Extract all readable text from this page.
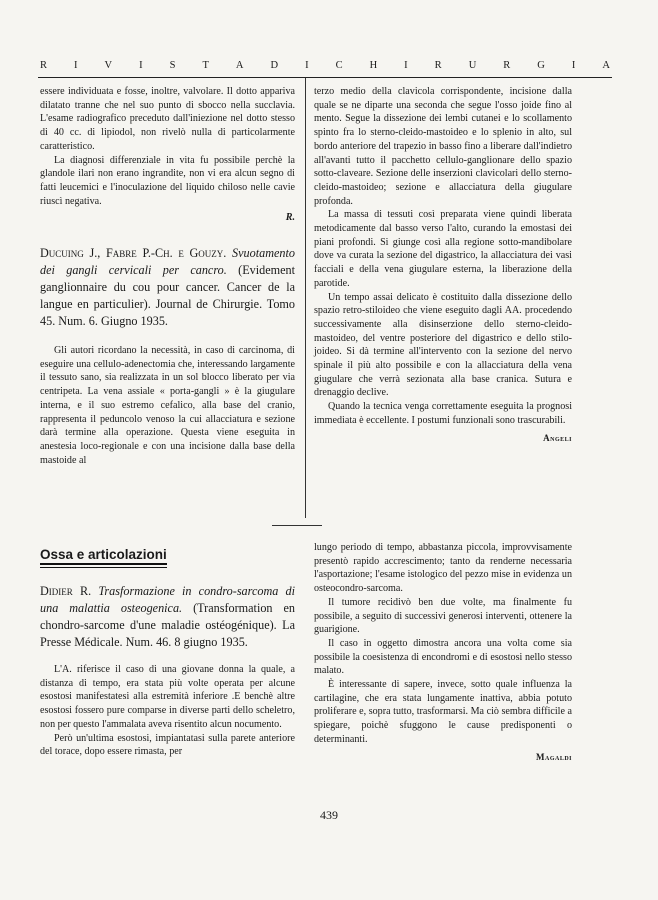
R	I	V	I	S	T	A	D	I	C	H	I	R	U	R	G	I	A

essere individuata e fosse, inoltre, valvolare. Il dotto appariva dilatato tranne che nel suo punto di sbocco nella succlavia. L'esame radiografico preceduto dall'iniezione nel dotto stesso di 40 cc. di lipiodol, non rivelò nulla di particolarmente caratteristico.

La diagnosi differenziale in vita fu possibile perchè la glandole ilari non erano ingrandite, non vi era alcun segno di fatti leucemici e l'inoculazione del liquido chiloso nelle cavie riuscì negativa.

R.
Ducuing J., Fabre P.-Ch. e Gouzy. Svuotamento dei gangli cervicali per cancro. (Evidement ganglionnaire du cou pour cancer. Cancer de la langue en particulier). Journal de Chirurgie. Tomo 45. Num. 6. Giugno 1935.

Gli autori ricordano la necessità, in caso di carcinoma, di eseguire una cellulo-adenectomia che, interessando largamente il tessuto sano, sia realizzata in un sol blocco liberato per via centripeta. La vena assiale « porta-gangli » è la giugulare interna, e il suo estremo cefalico, alla base del cranio, rappresenta il peduncolo venoso la cui allacciatura e sezione darà termine alla operazione. Questa viene eseguita in anestesia loco-regionale e con una incisione dalla base della mastoide al

terzo medio della clavicola corrispondente, incisione dalla quale se ne diparte una seconda che segue l'osso joide fino al mento. Segue la dissezione dei lembi cutanei e lo scollamento spinto fra lo sterno-cleido-mastoideo e lo splenio in alto, sul bordo anteriore del trapezio in basso fino a liberare dall'indietro all'avanti tutto il pacchetto cellulo-ganglionare dello spazio sotto-claveare. Sezione delle inserzioni clavicolari dello sterno-cleido-mastoideo; sezione e allacciatura della giugulare profonda.

La massa di tessuti così preparata viene quindi liberata metodicamente dal basso verso l'alto, curando la emostasi dei piani profondi. Si giunge così alla regione sotto-mandibolare dove va curata la sezione del digastrico, la allacciatura dei vasi facciali e della vena giugulare esterna, la liberazione della parotide.

Un tempo assai delicato è costituito dalla dissezione dello spazio retro-stiloideo che viene eseguito dagli AA. procedendo successivamente alla disinserzione dello sterno-cleido-mastoideo, del ventre posteriore del digastrico e dello stilo-joideo. Si dà termine all'intervento con la sezione del nervo spinale il più alto possibile e con la allacciatura della vena giugulare che verrà sezionata alla base cranica. Sutura e drenaggio declive.

Quando la tecnica venga correttamente eseguita la prognosi immediata è eccellente. I postumi funzionali sono trascurabili.

Angeli
Ossa e articolazioni
Didier R. Trasformazione in condro-sarcoma di una malattia osteogenica. (Transformation en chondro-sarcome d'une maladie ostéogénique). La Presse Médicale. Num. 46. 8 giugno 1935.

L'A. riferisce il caso di una giovane donna la quale, a distanza di tempo, era stata più volte operata per alcune esostosi manifestatesi alla estremità inferiore .E benchè altre esostosi fossero pure comparse in diverse parti dello scheletro, non per questo l'ammalata aveva risentito alcun nocumento.

Però un'ultima esostosi, impiantatasi sulla parete anteriore del torace, dopo essere rimasta, per

lungo periodo di tempo, abbastanza piccola, improvvisamente presentò rapido accrescimento; tanto da renderne necessaria l'asportazione; l'esame istologico del pezzo mise in evidenza un osteocondro-sarcoma.

Il tumore recidivò ben due volte, ma finalmente fu possibile, a seguito di successivi generosi interventi, ottenere la guarigione.

Il caso in oggetto dimostra ancora una volta come sia possibile la coesistenza di encondromi e di esostosi nello stesso malato.

È interessante di sapere, invece, sotto quale influenza la cartilagine, che era stata lungamente inattiva, abbia potuto proliferare e, sopra tutto, trasformarsi. Ma ciò sembra difficile a spiegare, poichè sfuggono le cause predisponenti o determinanti.

Magaldi
439
